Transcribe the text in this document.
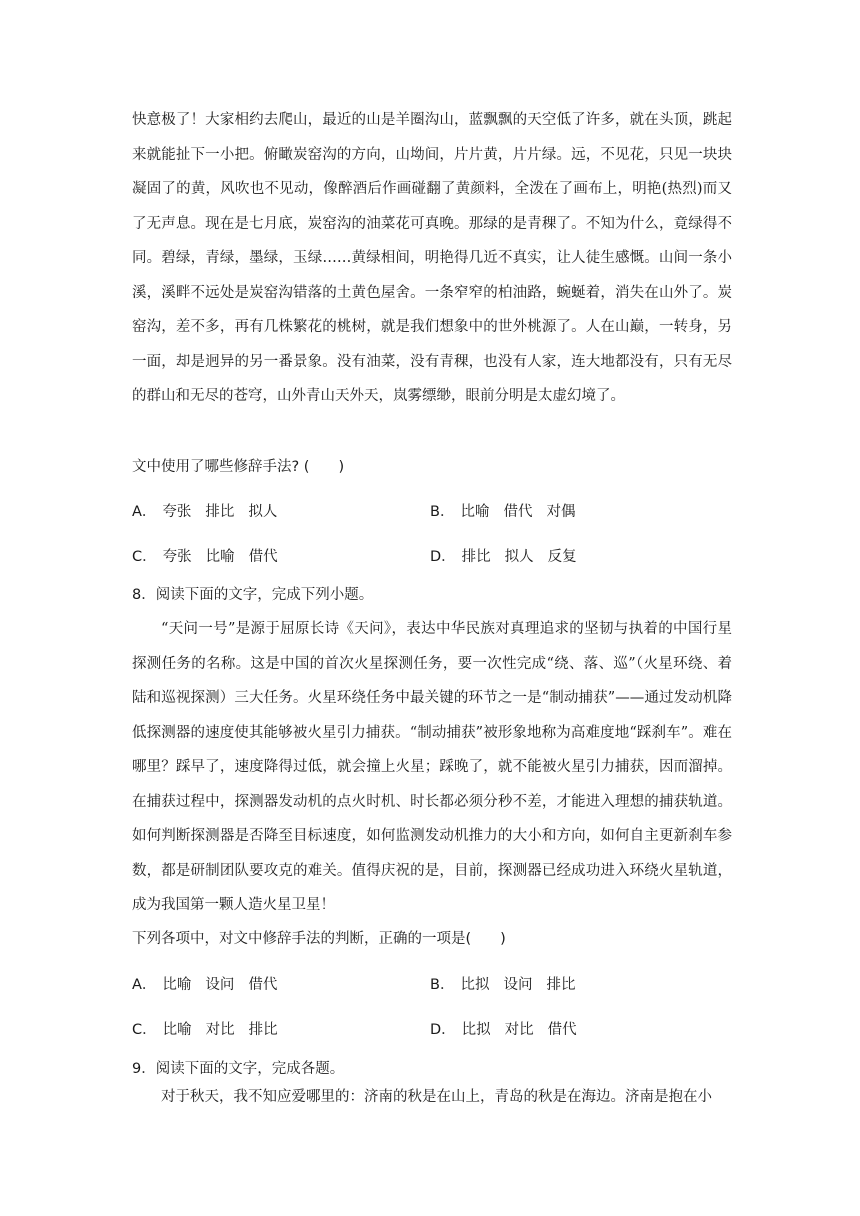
快意极了！大家相约去爬山，最近的山是羊圈沟山，蓝飘飘的天空低了许多，就在头顶，跳起来就能扯下一小把。俯瞰炭窑沟的方向，山坳间，片片黄，片片绿。远，不见花，只见一块块凝固了的黄，风吹也不见动，像醉酒后作画碰翻了黄颜料，全泼在了画布上，明艳(热烈)而又了无声息。现在是七月底，炭窑沟的油菜花可真晚。那绿的是青稞了。不知为什么，竟绿得不同。碧绿，青绿，墨绿，玉绿……黄绿相间，明艳得几近不真实，让人徒生感慨。山间一条小溪，溪畔不远处是炭窑沟错落的土黄色屋舍。一条窄窄的柏油路，蜿蜒着，消失在山外了。炭窑沟，差不多，再有几株繁花的桃树，就是我们想象中的世外桃源了。人在山巅，一转身，另一面，却是迥异的另一番景象。没有油菜，没有青稞，也没有人家，连大地都没有，只有无尽的群山和无尽的苍穹，山外青山天外天，岚雾缥缈，眼前分明是太虚幻境了。

文中使用了哪些修辞手法? (　　)
A． 夸张 排比 拟人	B． 比喻 借代 对偶
C． 夸张 比喻 借代	D． 排比 拟人 反复
8．阅读下面的文字，完成下列小题。

“天问一号”是源于屈原长诗《天问》，表达中华民族对真理追求的坚韧与执着的中国行星探测任务的名称。这是中国的首次火星探测任务，要一次性完成“绕、落、巡”（火星环绕、着陆和巡视探测）三大任务。火星环绕任务中最关键的环节之一是“制动捕获”——通过发动机降低探测器的速度使其能够被火星引力捕获。“制动捕获”被形象地称为高难度地“踩刹车”。难在哪里？踩早了，速度降得过低，就会撞上火星；踩晚了，就不能被火星引力捕获，因而溜掉。在捕获过程中，探测器发动机的点火时机、时长都必须分秒不差，才能进入理想的捕获轨道。如何判断探测器是否降至目标速度，如何监测发动机推力的大小和方向，如何自主更新刹车参数，都是研制团队要攻克的难关。值得庆祝的是，目前，探测器已经成功进入环绕火星轨道，成为我国第一颗人造火星卫星！

下列各项中，对文中修辞手法的判断，正确的一项是(　　)
A． 比喻 设问 借代	B． 比拟 设问 排比
C． 比喻 对比 排比	D． 比拟 对比 借代
9．阅读下面的文字，完成各题。

对于秋天，我不知应爱哪里的：济南的秋是在山上，青岛的秋是在海边。济南是抱在小
